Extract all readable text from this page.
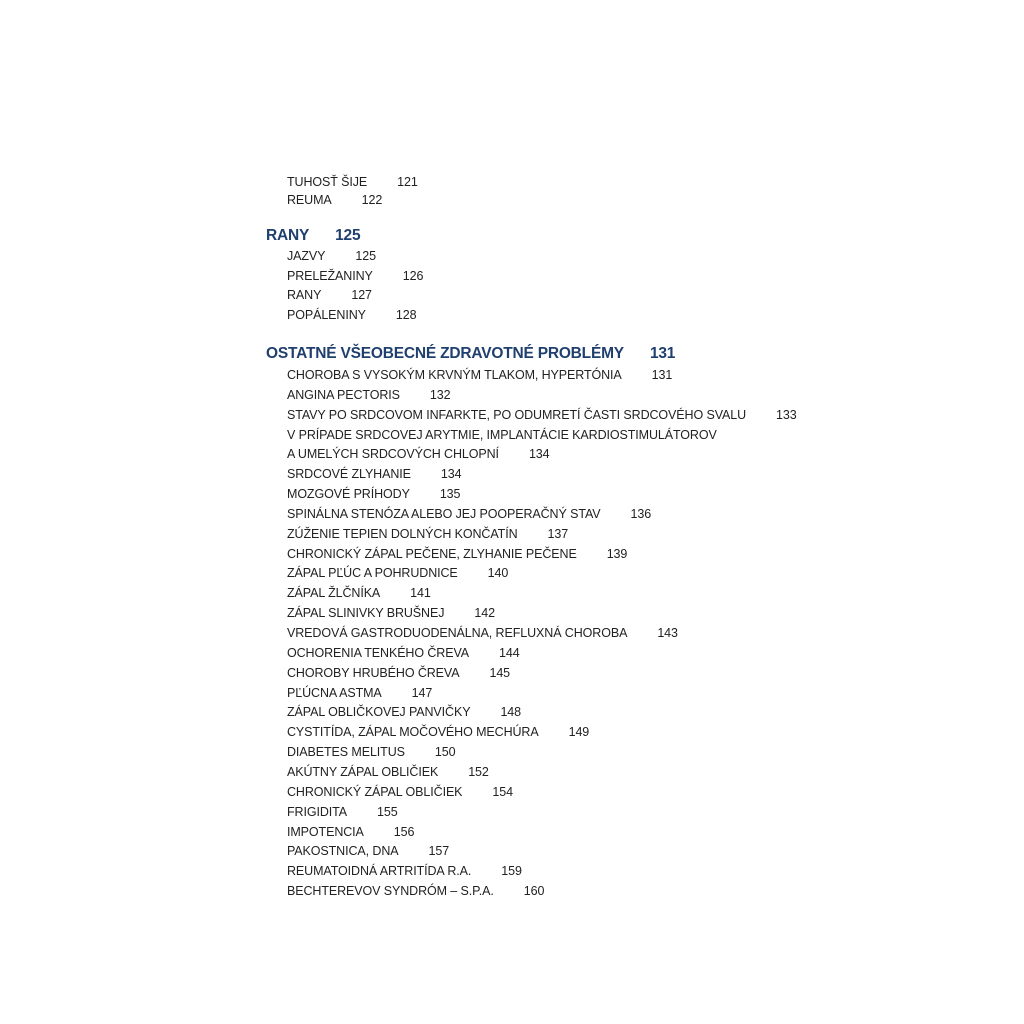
TUHOSŤ ŠIJE 121
REUMA 122
RANY 125
JAZVY 125
PRELEŽANINY 126
RANY 127
POPÁLENINY 128
OSTATNÉ VŠEOBECNÉ ZDRAVOTNÉ PROBLÉMY 131
CHOROBA S VYSOKÝM KRVNÝM TLAKOM, HYPERTÓNIA 131
ANGINA PECTORIS 132
STAVY PO SRDCOVOM INFARKTE, PO ODUMRETÍ ČASTI SRDCOVÉHO SVALU 133
V PRÍPADE SRDCOVEJ ARYTMIE, IMPLANTÁCIE KARDIOSTIMULÁTOROV
A UMELÝCH SRDCOVÝCH CHLOPNÍ 134
SRDCOVÉ ZLYHANIE 134
MOZGOVÉ PRÍHODY 135
SPINÁLNA STENÓZA ALEBO JEJ POOPERAČNÝ STAV 136
ZÚŽENIE TEPIEN DOLNÝCH KONČATÍN 137
CHRONICKÝ ZÁPAL PEČENE, ZLYHANIE PEČENE 139
ZÁPAL PĽÚC A POHRUDNICE 140
ZÁPAL ŽLČNÍKA 141
ZÁPAL SLINIVKY BRUŠNEJ 142
VREDOVÁ GASTRODUODENÁLNA, REFLUXNÁ CHOROBA 143
OCHORENIA TENKÉHO ČREVA 144
CHOROBY HRUBÉHO ČREVA 145
PĽÚCNA ASTMA 147
ZÁPAL OBLIČKOVEJ PANVIČKY 148
CYSTITÍDA, ZÁPAL MOČOVÉHO MECHÚRA 149
DIABETES MELITUS 150
AKÚTNY ZÁPAL OBLIČIEK 152
CHRONICKÝ ZÁPAL OBLIČIEK 154
FRIGIDITA 155
IMPOTENCIA 156
PAKOSTNICA, DNA 157
REUMATOIDNÁ ARTRITÍDA R.A. 159
BECHTEREVOV SYNDRÓM – S.P.A. 160
